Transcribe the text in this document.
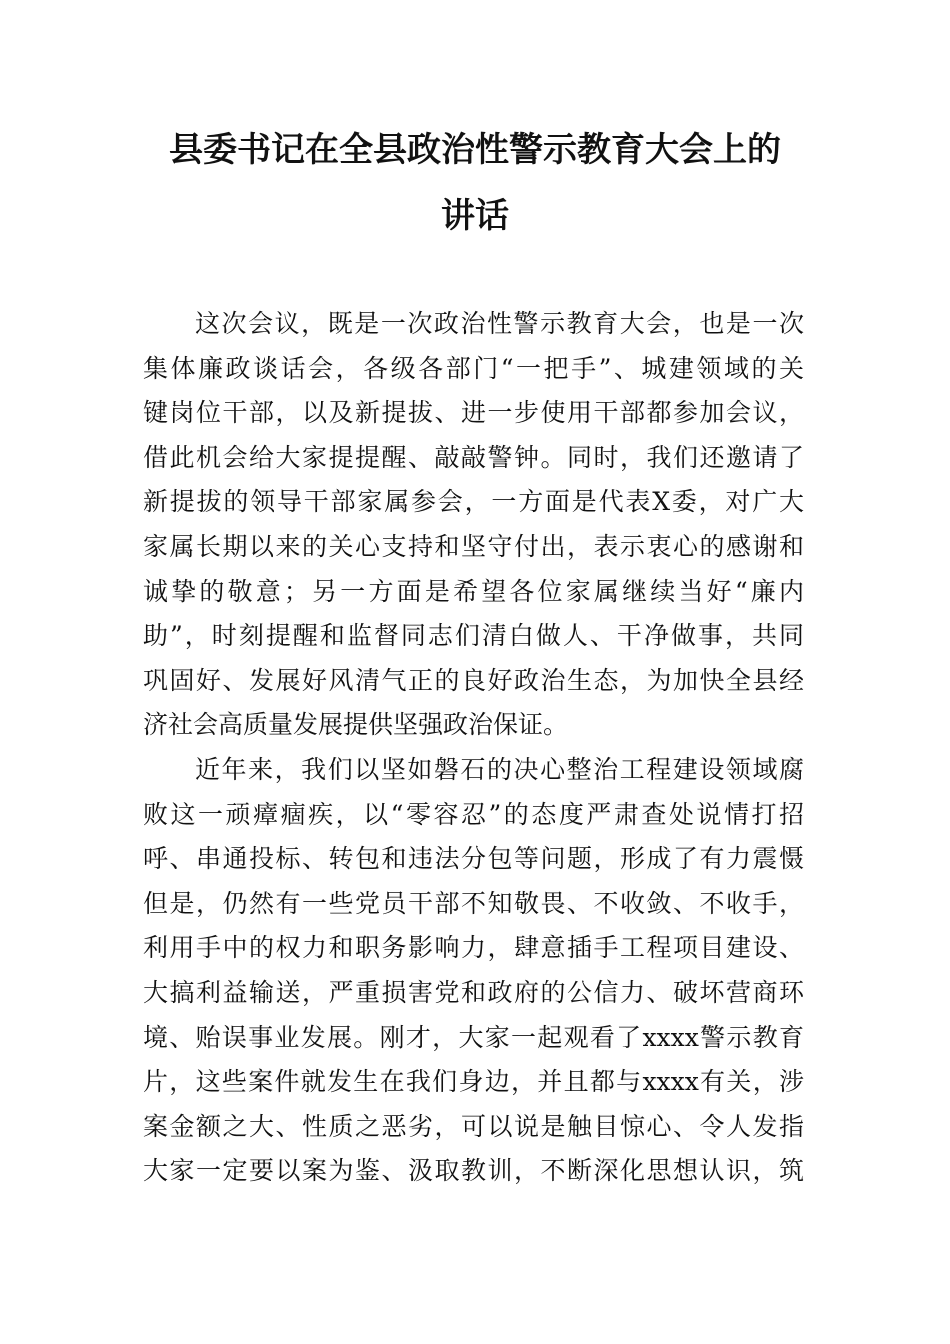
县委书记在全县政治性警示教育大会上的
讲话
这次会议，既是一次政治性警示教育大会，也是一次
集体廉政谈话会，各级各部门“一把手”、城建领域的关
键岗位干部，以及新提拔、进一步使用干部都参加会议，
借此机会给大家提提醒、敲敲警钟。同时，我们还邀请了
新提拔的领导干部家属参会，一方面是代表X委，对广大
家属长期以来的关心支持和坚守付出，表示衷心的感谢和
诚挚的敬意；另一方面是希望各位家属继续当好“廉内
助”，时刻提醒和监督同志们清白做人、干净做事，共同
巩固好、发展好风清气正的良好政治生态，为加快全县经
济社会高质量发展提供坚强政治保证。
近年来，我们以坚如磐石的决心整治工程建设领域腐
败这一顽瘴痼疾，以“零容忍”的态度严肃查处说情打招
呼、串通投标、转包和违法分包等问题，形成了有力震慑
但是，仍然有一些党员干部不知敬畏、不收敛、不收手，
利用手中的权力和职务影响力，肆意插手工程项目建设、
大搞利益输送，严重损害党和政府的公信力、破坏营商环
境、贻误事业发展。刚才，大家一起观看了xxxx警示教育
片，这些案件就发生在我们身边，并且都与xxxx有关，涉
案金额之大、性质之恶劣，可以说是触目惊心、令人发指
大家一定要以案为鉴、汲取教训，不断深化思想认识，筑
